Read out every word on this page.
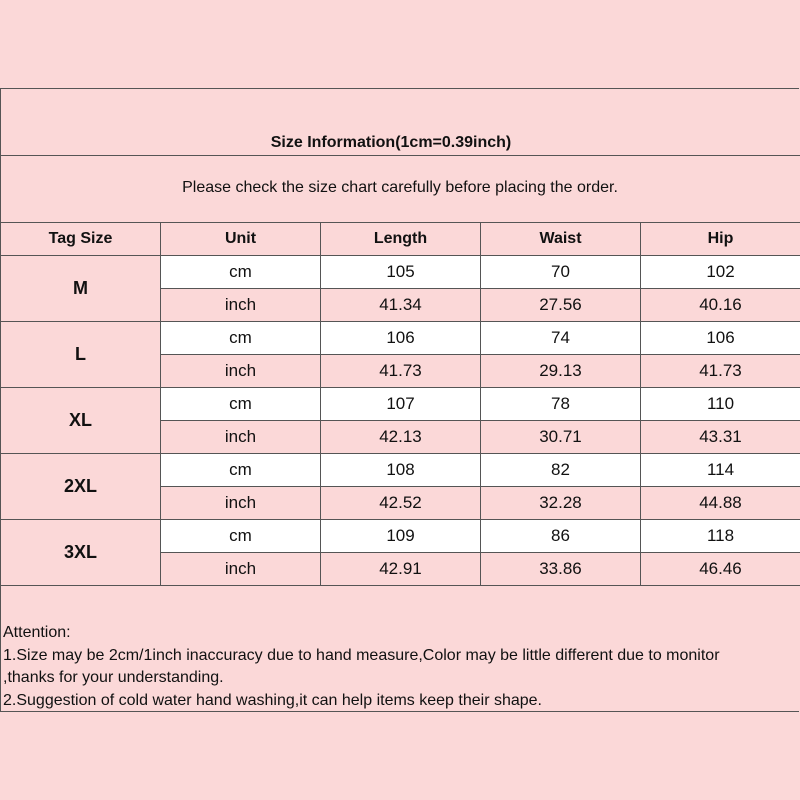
Size Information(1cm=0.39inch)
Please check the size chart carefully before placing the order.
Tag Size	Unit	Length	Waist	Hip
M	cm	105	70	102
	inch	41.34	27.56	40.16
L	cm	106	74	106
	inch	41.73	29.13	41.73
XL	cm	107	78	110
	inch	42.13	30.71	43.31
2XL	cm	108	82	114
	inch	42.52	32.28	44.88
3XL	cm	109	86	118
	inch	42.91	33.86	46.46
Attention:
1.Size may be 2cm/1inch inaccuracy due to hand measure,Color may be little different due to monitor
,thanks for your understanding.
2.Suggestion of cold water hand washing,it can help items keep their shape.
